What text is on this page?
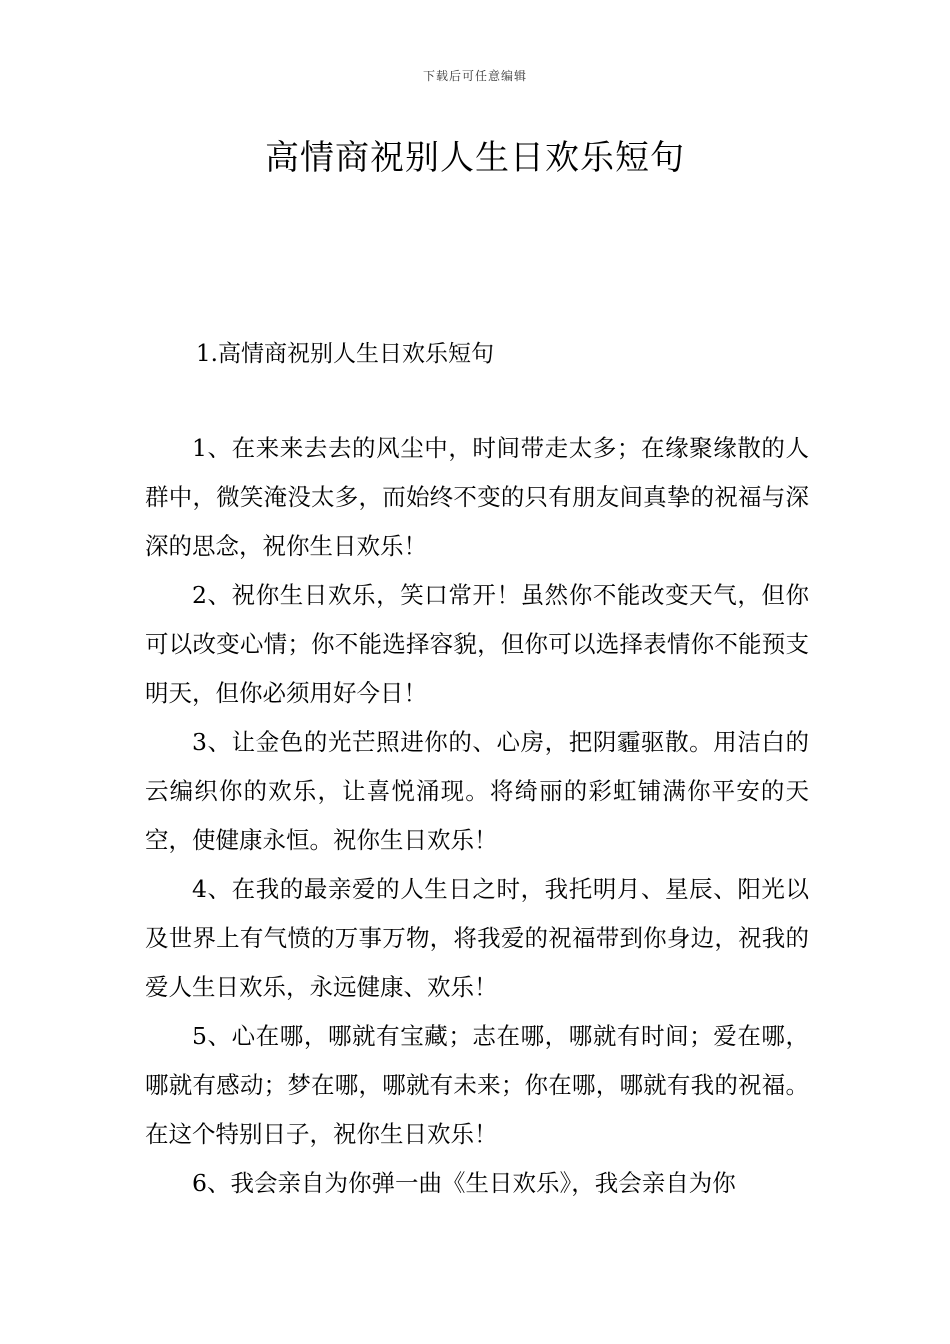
下载后可任意编辑
高情商祝别人生日欢乐短句
1.高情商祝别人生日欢乐短句

1、在来来去去的风尘中，时间带走太多；在缘聚缘散的人群中，微笑淹没太多，而始终不变的只有朋友间真挚的祝福与深深的思念，祝你生日欢乐！

2、祝你生日欢乐，笑口常开！虽然你不能改变天气，但你可以改变心情；你不能选择容貌，但你可以选择表情你不能预支明天，但你必须用好今日！

3、让金色的光芒照进你的、心房，把阴霾驱散。用洁白的云编织你的欢乐，让喜悦涌现。将绮丽的彩虹铺满你平安的天空，使健康永恒。祝你生日欢乐！

4、在我的最亲爱的人生日之时，我托明月、星辰、阳光以及世界上有气愤的万事万物，将我爱的祝福带到你身边，祝我的爱人生日欢乐，永远健康、欢乐！

5、心在哪，哪就有宝藏；志在哪，哪就有时间；爱在哪，哪就有感动；梦在哪，哪就有未来；你在哪，哪就有我的祝福。在这个特别日子，祝你生日欢乐！

6、我会亲自为你弹一曲《生日欢乐》，我会亲自为你
